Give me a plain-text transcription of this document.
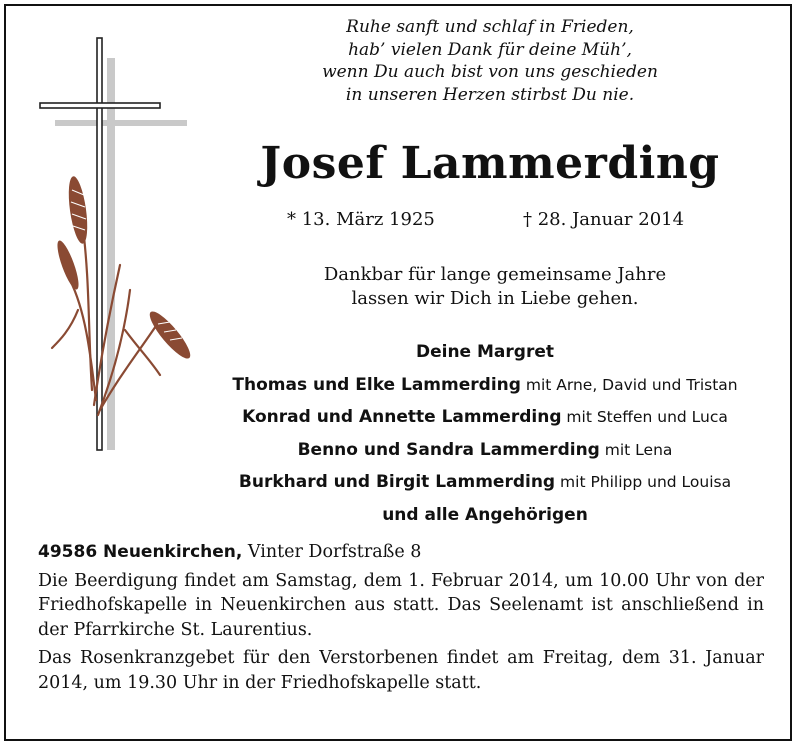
Ruhe sanft und schlaf in Frieden,
hab’ vielen Dank für deine Müh’,
wenn Du auch bist von uns geschieden
in unseren Herzen stirbst Du nie.
Josef Lammerding
* 13. März 1925	† 28. Januar 2014
Dankbar für lange gemeinsame Jahre
lassen wir Dich in Liebe gehen.
Deine Margret
Thomas und Elke Lammerding mit Arne, David und Tristan
Konrad und Annette Lammerding mit Steffen und Luca
Benno und Sandra Lammerding mit Lena
Burkhard und Birgit Lammerding mit Philipp und Louisa
und alle Angehörigen
49586 Neuenkirchen, Vinter Dorfstraße 8
Die Beerdigung findet am Samstag, dem 1. Februar 2014, um 10.00 Uhr von der Friedhofskapelle in Neuenkirchen aus statt. Das Seelenamt ist anschließend in der Pfarrkirche St. Laurentius.
Das Rosenkranzgebet für den Verstorbenen findet am Freitag, dem 31. Januar 2014, um 19.30 Uhr in der Friedhofskapelle statt.
